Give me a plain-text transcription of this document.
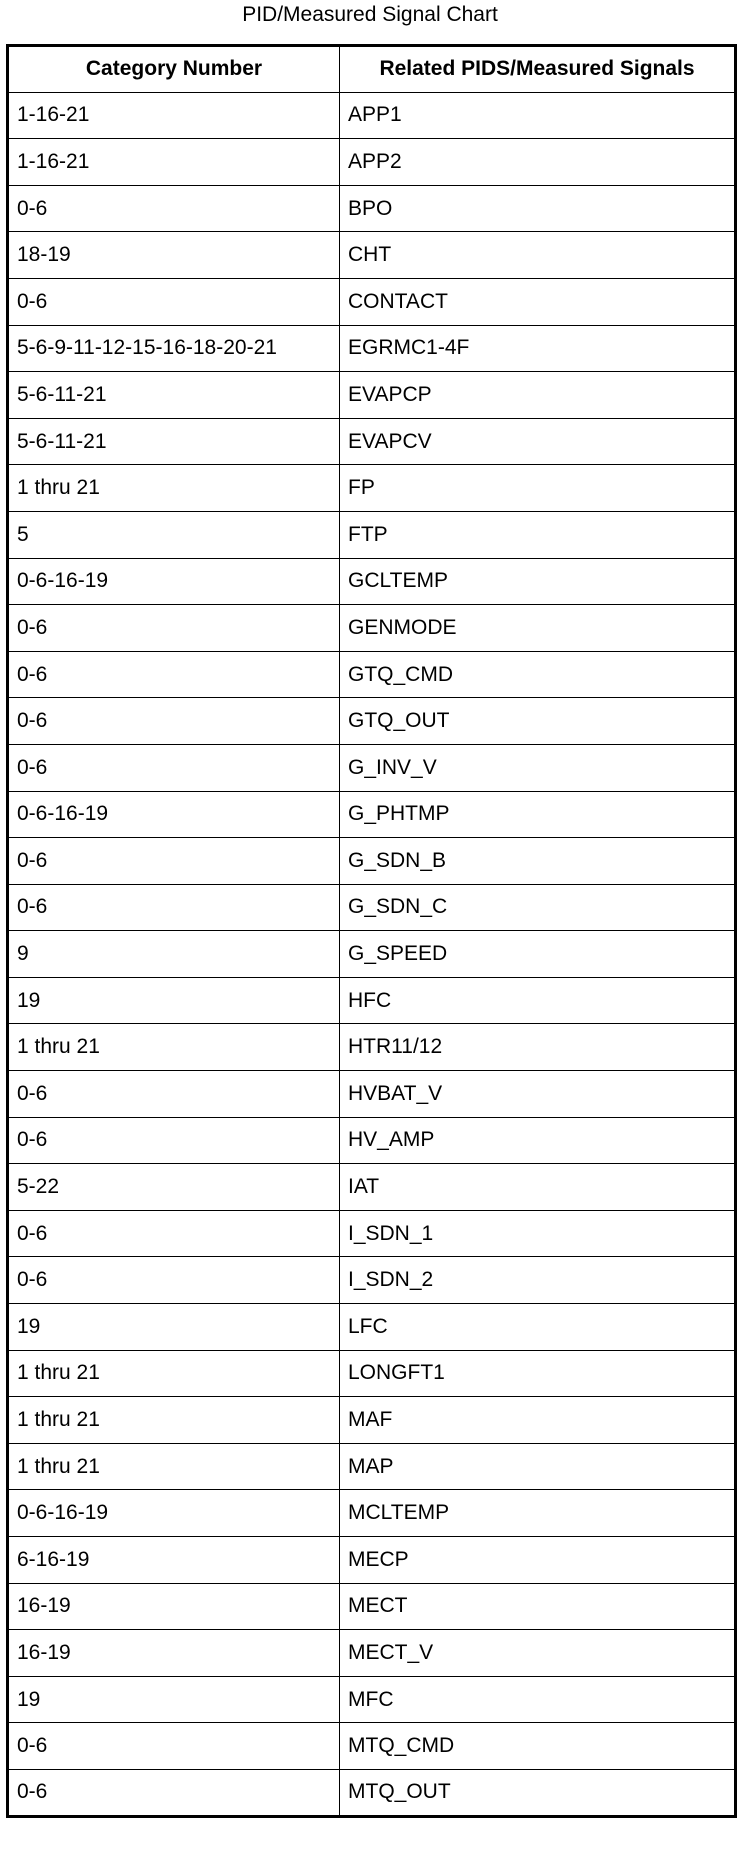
PID/Measured Signal Chart
Category Number	Related PIDS/Measured Signals
1-16-21	APP1
1-16-21	APP2
0-6	BPO
18-19	CHT
0-6	CONTACT
5-6-9-11-12-15-16-18-20-21	EGRMC1-4F
5-6-11-21	EVAPCP
5-6-11-21	EVAPCV
1 thru 21	FP
5	FTP
0-6-16-19	GCLTEMP
0-6	GENMODE
0-6	GTQ_CMD
0-6	GTQ_OUT
0-6	G_INV_V
0-6-16-19	G_PHTMP
0-6	G_SDN_B
0-6	G_SDN_C
9	G_SPEED
19	HFC
1 thru 21	HTR11/12
0-6	HVBAT_V
0-6	HV_AMP
5-22	IAT
0-6	I_SDN_1
0-6	I_SDN_2
19	LFC
1 thru 21	LONGFT1
1 thru 21	MAF
1 thru 21	MAP
0-6-16-19	MCLTEMP
6-16-19	MECP
16-19	MECT
16-19	MECT_V
19	MFC
0-6	MTQ_CMD
0-6	MTQ_OUT
